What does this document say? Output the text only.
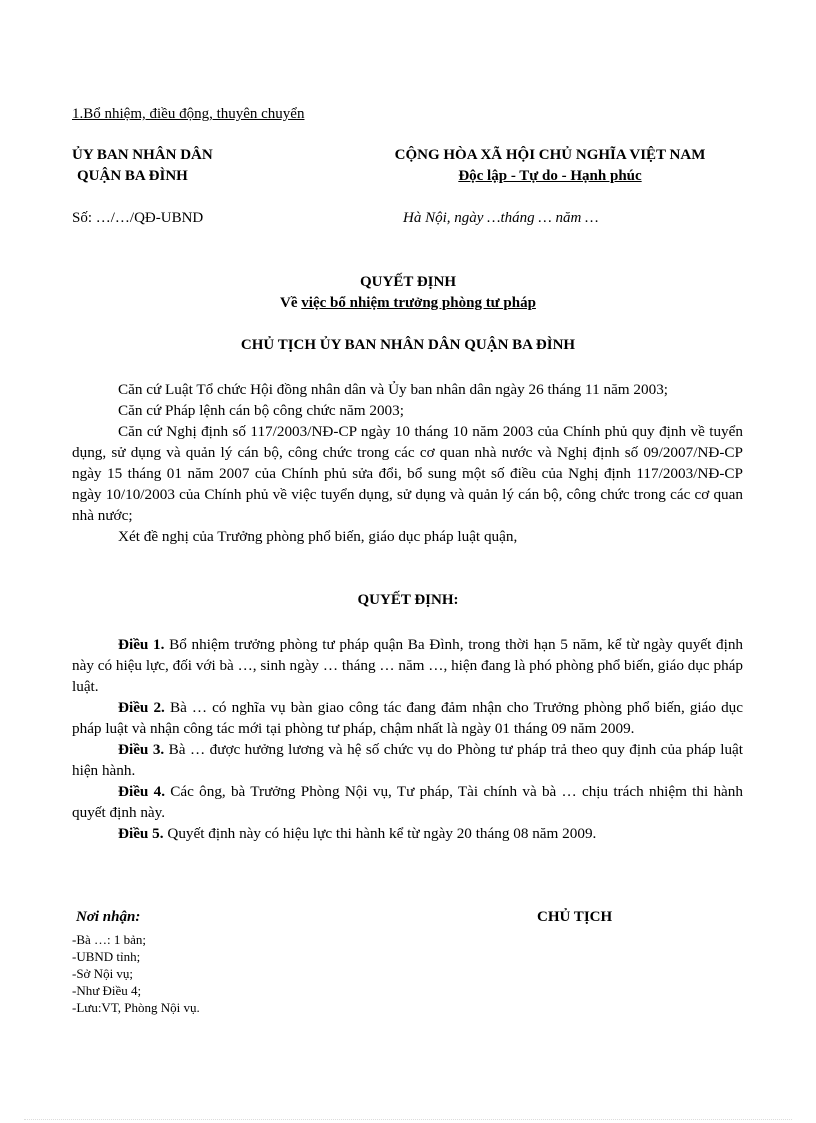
1.Bổ nhiệm, điều động, thuyên chuyển
ỦY BAN NHÂN DÂN
QUẬN BA ĐÌNH
CỘNG HÒA XÃ HỘI CHỦ NGHĨA VIỆT NAM
Độc lập - Tự do - Hạnh phúc
Số: …/…/QĐ-UBND	Hà Nội, ngày …tháng … năm …
QUYẾT ĐỊNH
Về việc bổ nhiệm trưởng phòng tư pháp
CHỦ TỊCH ỦY BAN NHÂN DÂN QUẬN BA ĐÌNH

Căn cứ Luật Tổ chức Hội đồng nhân dân và Ủy ban nhân dân ngày 26 tháng 11 năm 2003;

Căn cứ Pháp lệnh cán bộ công chức năm 2003;

Căn cứ Nghị định số 117/2003/NĐ-CP ngày 10 tháng 10 năm 2003 của Chính phủ quy định về tuyển dụng, sử dụng và quản lý cán bộ, công chức trong các cơ quan nhà nước và Nghị định số 09/2007/NĐ-CP ngày 15 tháng 01 năm 2007 của Chính phủ sửa đổi, bổ sung một số điều của Nghị định 117/2003/NĐ-CP ngày 10/10/2003 của Chính phủ về việc tuyển dụng, sử dụng và quản lý cán bộ, công chức trong các cơ quan nhà nước;

Xét đề nghị của Trưởng phòng phổ biến, giáo dục pháp luật quận,

QUYẾT ĐỊNH:

Điều 1. Bổ nhiệm trưởng phòng tư pháp quận Ba Đình, trong thời hạn 5 năm, kể từ ngày quyết định này có hiệu lực, đối với bà …, sinh ngày … tháng … năm …, hiện đang là phó phòng phổ biến, giáo dục pháp luật.

Điều 2. Bà … có nghĩa vụ bàn giao công tác đang đảm nhận cho Trưởng phòng phổ biến, giáo dục pháp luật và nhận công tác mới tại phòng tư pháp, chậm nhất là ngày 01 tháng 09 năm 2009.

Điều 3. Bà … được hưởng lương và hệ số chức vụ do Phòng tư pháp trả theo quy định của pháp luật hiện hành.

Điều 4. Các ông, bà Trưởng Phòng Nội vụ, Tư pháp, Tài chính và bà … chịu trách nhiệm thi hành quyết định này.

Điều 5. Quyết định này có hiệu lực thi hành kể từ ngày 20 tháng 08 năm 2009.

Nơi nhận:
-Bà …: 1 bản;
-UBND tỉnh;
-Sở Nội vụ;
-Như Điều 4;
-Lưu:VT, Phòng Nội vụ.
CHỦ TỊCH
